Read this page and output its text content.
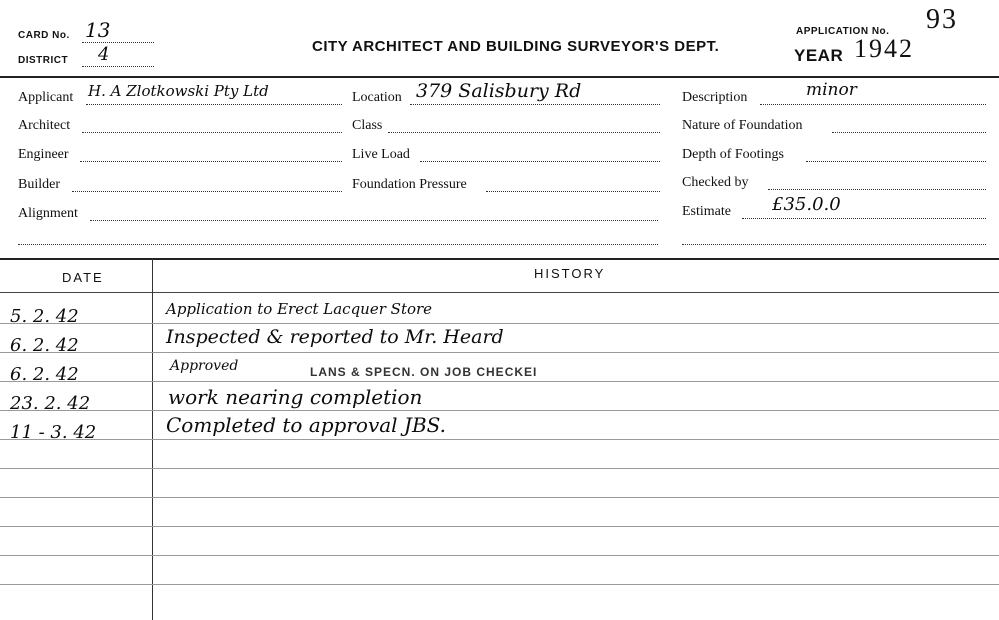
CARD No. 13
DISTRICT 4	CITY ARCHITECT AND BUILDING SURVEYOR'S DEPT.
APPLICATION No. 93
YEAR 1942
Applicant H. A Zlotkowski Pty Ltd
Architect
Engineer
Builder
Alignment
Location 379 Salisbury Rd
Class
Live Load
Foundation Pressure
Description	minor
Nature of Foundation
Depth of Footings
Checked by
Estimate £35.0.0
DATE	HISTORY
5. 2. 42	Application to Erect Lacquer Store
6. 2. 42	Inspected & reported to Mr. Heard
6. 2. 42	Approved	LANS & SPECN. ON JOB CHECKEI
23. 2. 42	work nearing completion
11 - 3. 42	Completed to approval JBS.
